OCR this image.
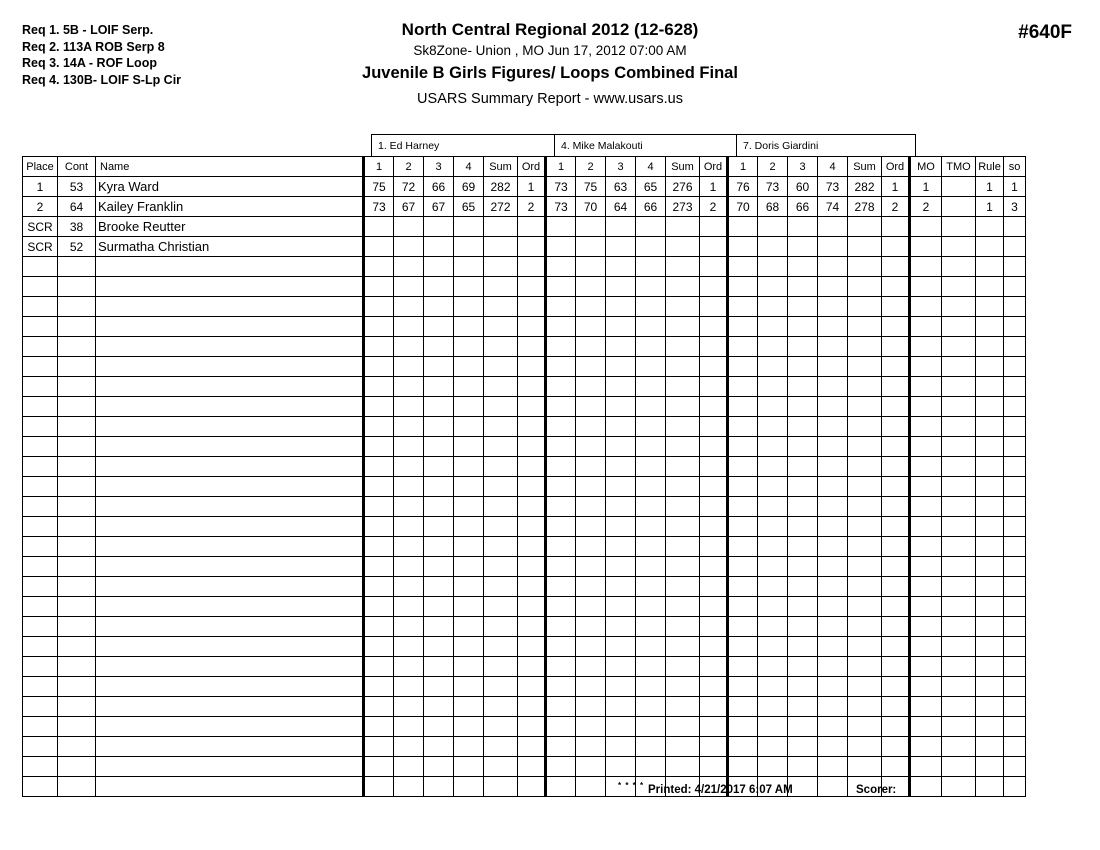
Req 1. 5B - LOIF Serp.
Req 2. 113A ROB Serp 8
Req 3. 14A - ROF Loop
Req 4. 130B- LOIF S-Lp Cir
North Central Regional 2012 (12-628)
Sk8Zone- Union , MO Jun 17, 2012 07:00 AM
Juvenile B Girls Figures/ Loops Combined Final
USARS Summary Report - www.usars.us
#640F
1. Ed Harney	4. Mike Malakouti	7. Doris Giardini
Place	Cont	Name	1	2	3	4	Sum	Ord	1	2	3	4	Sum	Ord	1	2	3	4	Sum	Ord	MO	TMO	Rule	so
1	53	Kyra Ward	75	72	66	69	282	1	73	75	63	65	276	1	76	73	60	73	282	1	1		1	1
2	64	Kailey Franklin	73	67	67	65	272	2	73	70	64	66	273	2	70	68	66	74	278	2	2		1	3
SCR	38	Brooke Reutter																						
SCR	52	Surmatha Christian																						

* * * * Printed: 4/21/2017 6:07 AM	Scorer:
